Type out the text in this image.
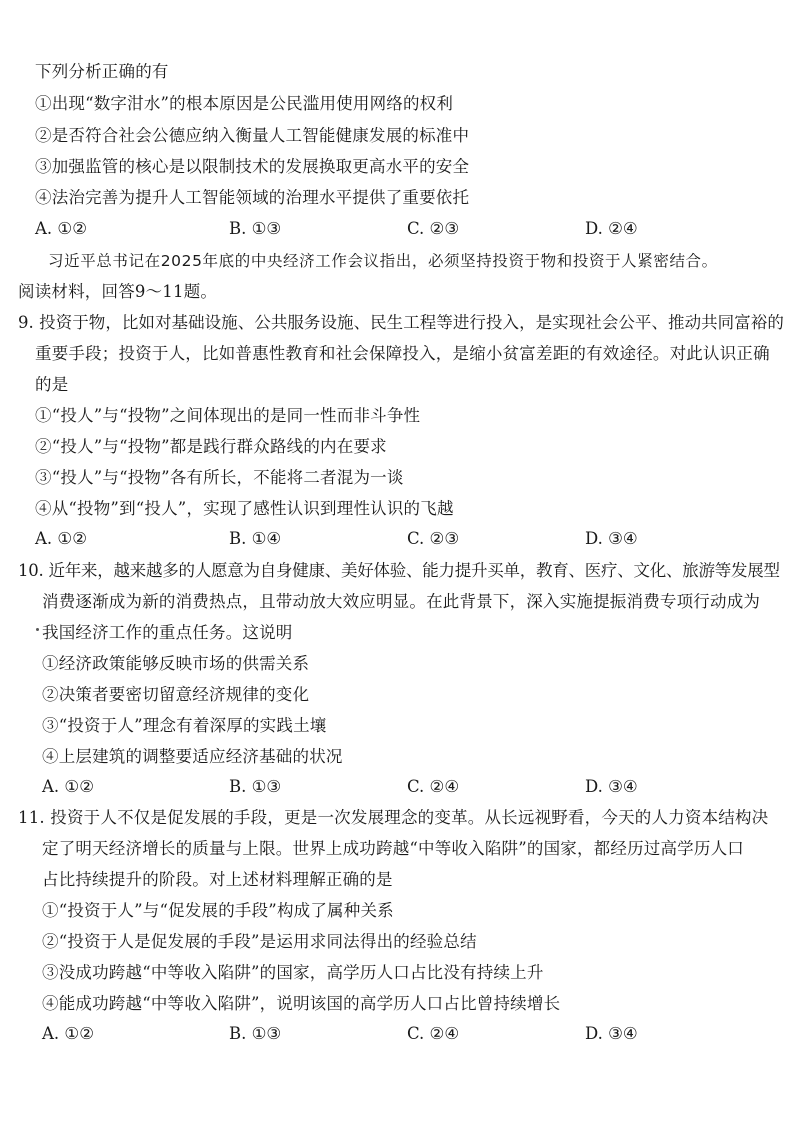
下列分析正确的有
①出现“数字泔水”的根本原因是公民滥用使用网络的权利
②是否符合社会公德应纳入衡量人工智能健康发展的标准中
③加强监管的核心是以限制技术的发展换取更高水平的安全
④法治完善为提升人工智能领域的治理水平提供了重要依托
A. ①②	B. ①③	C. ②③	D. ②④
习近平总书记在2025年底的中央经济工作会议指出，必须坚持投资于物和投资于人紧密结合。
阅读材料，回答9～11题。
9. 投资于物，比如对基础设施、公共服务设施、民生工程等进行投入，是实现社会公平、推动共同富裕的
重要手段；投资于人，比如普惠性教育和社会保障投入，是缩小贫富差距的有效途径。对此认识正确
的是
①“投人”与“投物”之间体现出的是同一性而非斗争性
②“投人”与“投物”都是践行群众路线的内在要求
③“投人”与“投物”各有所长，不能将二者混为一谈
④从“投物”到“投人”，实现了感性认识到理性认识的飞越
A. ①②	B. ①④	C. ②③	D. ③④
10. 近年来，越来越多的人愿意为自身健康、美好体验、能力提升买单，教育、医疗、文化、旅游等发展型
消费逐渐成为新的消费热点，且带动放大效应明显。在此背景下，深入实施提振消费专项行动成为
我国经济工作的重点任务。这说明
①经济政策能够反映市场的供需关系
②决策者要密切留意经济规律的变化
③“投资于人”理念有着深厚的实践土壤
④上层建筑的调整要适应经济基础的状况
A. ①②	B. ①③	C. ②④	D. ③④
11. 投资于人不仅是促发展的手段，更是一次发展理念的变革。从长远视野看，今天的人力资本结构决
定了明天经济增长的质量与上限。世界上成功跨越“中等收入陷阱”的国家，都经历过高学历人口
占比持续提升的阶段。对上述材料理解正确的是
①“投资于人”与“促发展的手段”构成了属种关系
②“投资于人是促发展的手段”是运用求同法得出的经验总结
③没成功跨越“中等收入陷阱”的国家，高学历人口占比没有持续上升
④能成功跨越“中等收入陷阱”，说明该国的高学历人口占比曾持续增长
A. ①②	B. ①③	C. ②④	D. ③④
